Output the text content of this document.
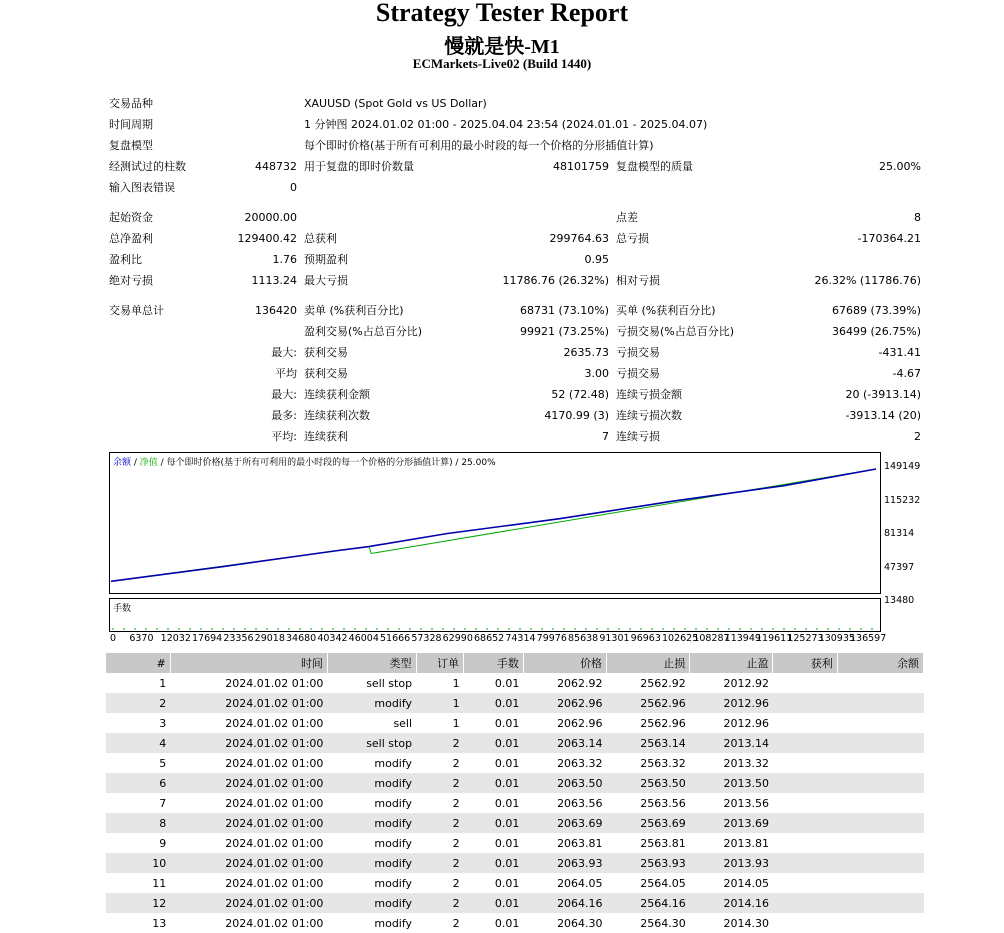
Strategy Tester Report
慢就是快-M1
ECMarkets-Live02 (Build 1440)
交易品种	XAUUSD (Spot Gold vs US Dollar)
时间周期	1 分钟图 2024.01.02 01:00 - 2025.04.04 23:54 (2024.01.01 - 2025.04.07)
复盘模型	每个即时价格(基于所有可利用的最小时段的每一个价格的分形插值计算)
经测试过的柱数	448732 用于复盘的即时价数量	48101759 复盘模型的质量	25.00%
输入图表错误	0
起始资金	20000.00	点差	8
总净盈利	129400.42 总获利	299764.63 总亏损	-170364.21
盈利比	1.76 预期盈利	0.95
绝对亏损	1113.24 最大亏损	11786.76 (26.32%) 相对亏损	26.32% (11786.76)
交易单总计	136420 卖单 (%获利百分比)	68731 (73.10%) 买单 (%获利百分比)	67689 (73.39%)
盈利交易(%占总百分比)	99921 (73.25%) 亏损交易(%占总百分比)	36499 (26.75%)
最大: 获利交易	2635.73 亏损交易	-431.41
平均 获利交易	3.00 亏损交易	-4.67
最大: 连续获利金额	52 (72.48) 连续亏损金额	20 (-3913.14)
最多: 连续获利次数	4170.99 (3) 连续亏损次数	-3913.14 (20)
平均: 连续获利	7 连续亏损	2
余额 / 净值 / 每个即时价格(基于所有可利用的最小时段的每一个价格的分形插值计算) / 25.00%	149149
115232
81314
47397
13480
手数
0 6370 12032 17694 23356 29018 34680 40342 46004 51666 57328 62990 68652 74314 79976 85638 91301 96963 102625
108287
113949
119611
125273
130935
136597
#	时间	类型	订单	手数	价格	止损	止盈	获利	余额
1	2024.01.02 01:00	sell stop	1	0.01	2062.92	2562.92	2012.92		
2	2024.01.02 01:00	modify	1	0.01	2062.96	2562.96	2012.96		
3	2024.01.02 01:00	sell	1	0.01	2062.96	2562.96	2012.96		
4	2024.01.02 01:00	sell stop	2	0.01	2063.14	2563.14	2013.14		
5	2024.01.02 01:00	modify	2	0.01	2063.32	2563.32	2013.32		
6	2024.01.02 01:00	modify	2	0.01	2063.50	2563.50	2013.50		
7	2024.01.02 01:00	modify	2	0.01	2063.56	2563.56	2013.56		
8	2024.01.02 01:00	modify	2	0.01	2063.69	2563.69	2013.69		
9	2024.01.02 01:00	modify	2	0.01	2063.81	2563.81	2013.81		
10	2024.01.02 01:00	modify	2	0.01	2063.93	2563.93	2013.93		
11	2024.01.02 01:00	modify	2	0.01	2064.05	2564.05	2014.05		
12	2024.01.02 01:00	modify	2	0.01	2064.16	2564.16	2014.16		
13	2024.01.02 01:00	modify	2	0.01	2064.30	2564.30	2014.30		
